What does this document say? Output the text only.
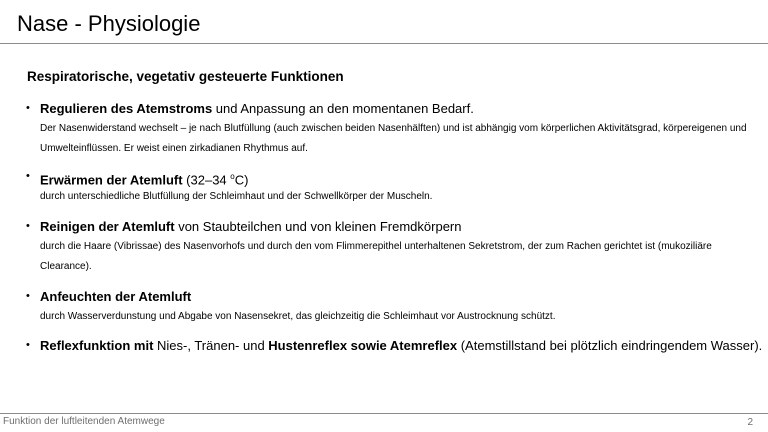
Nase - Physiologie
Respiratorische, vegetativ gesteuerte Funktionen
• Regulieren des Atemstroms und Anpassung an den momentanen Bedarf.
Der Nasenwiderstand wechselt – je nach Blutfüllung (auch zwischen beiden Nasenhälften) und ist abhängig vom körperlichen Aktivitätsgrad, körpereigenen und Umwelteinflüssen. Er weist einen zirkadianen Rhythmus auf.
• Erwärmen der Atemluft (32–34 $^o$C)
durch unterschiedliche Blutfüllung der Schleimhaut und der Schwellkörper der Muscheln.
• Reinigen der Atemluft von Staubteilchen und von kleinen Fremdkörpern
durch die Haare (Vibrissae) des Nasenvorhofs und durch den vom Flimmerepithel unterhaltenen Sekretstrom, der zum Rachen gerichtet ist (mukoziliäre Clearance).
• Anfeuchten der Atemluft
durch Wasserverdunstung und Abgabe von Nasensekret, das gleichzeitig die Schleimhaut vor Austrocknung schützt.
• Reflexfunktion mit Nies-, Tränen- und Hustenreflex sowie Atemreflex (Atemstillstand bei plötzlich eindringendem Wasser).
Funktion der luftleitenden Atemwege	2
